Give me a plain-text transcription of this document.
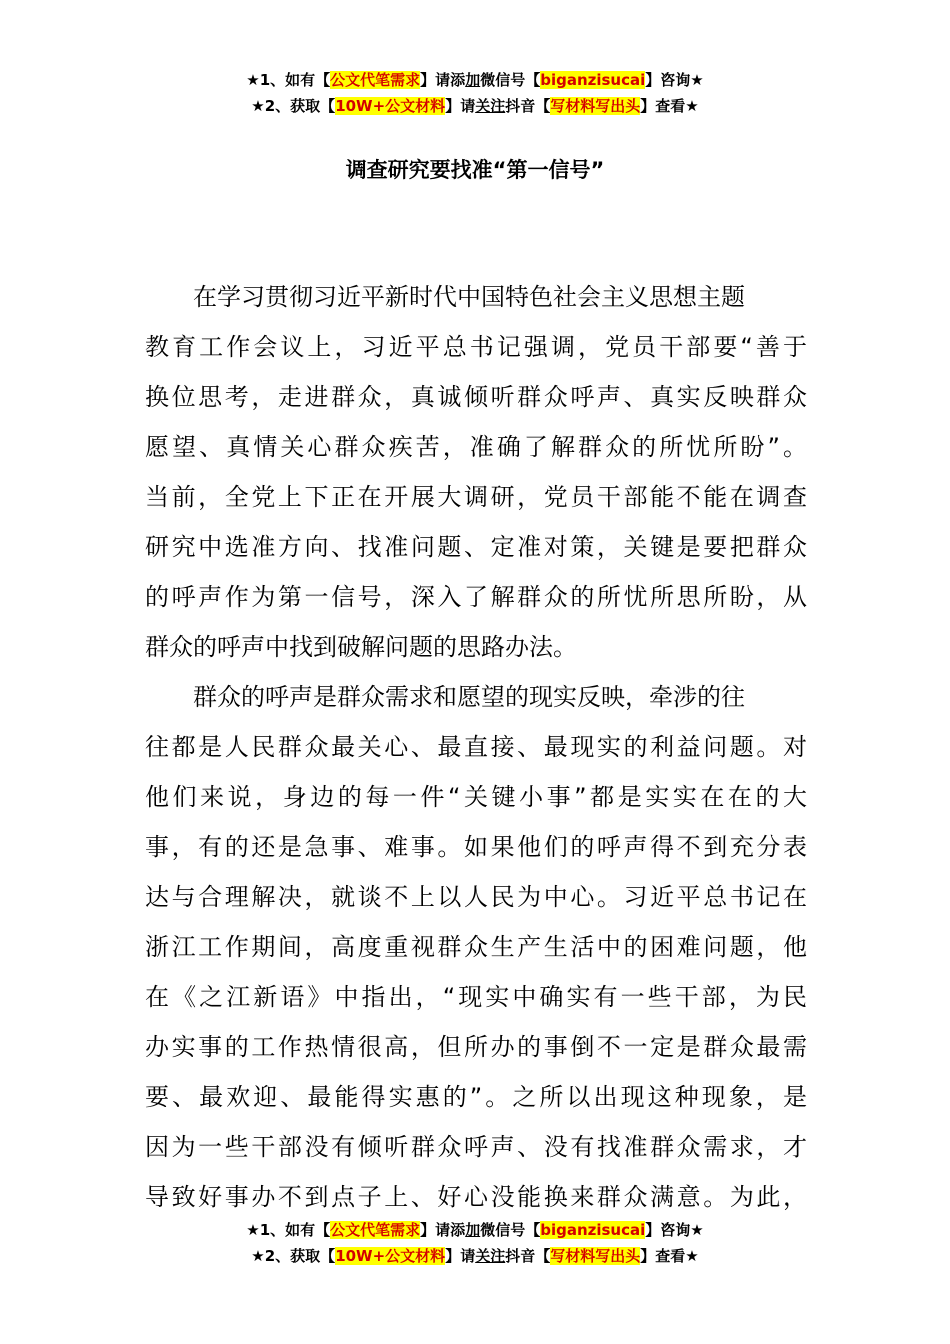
★1、如有【公文代笔需求】请添加微信号【biganzisucai】咨询★
★2、获取【10W+公文材料】请关注抖音【写材料写出头】查看★
调查研究要找准“第一信号”
在学习贯彻习近平新时代中国特色社会主义思想主题
教育工作会议上，习近平总书记强调，党员干部要“善于
换位思考，走进群众，真诚倾听群众呼声、真实反映群众
愿望、真情关心群众疾苦，准确了解群众的所忧所盼”。
当前，全党上下正在开展大调研，党员干部能不能在调查
研究中选准方向、找准问题、定准对策，关键是要把群众
的呼声作为第一信号，深入了解群众的所忧所思所盼，从
群众的呼声中找到破解问题的思路办法。
群众的呼声是群众需求和愿望的现实反映，牵涉的往
往都是人民群众最关心、最直接、最现实的利益问题。对
他们来说，身边的每一件“关键小事”都是实实在在的大
事，有的还是急事、难事。如果他们的呼声得不到充分表
达与合理解决，就谈不上以人民为中心。习近平总书记在
浙江工作期间，高度重视群众生产生活中的困难问题，他
在《之江新语》中指出，“现实中确实有一些干部，为民
办实事的工作热情很高，但所办的事倒不一定是群众最需
要、最欢迎、最能得实惠的”。之所以出现这种现象，是
因为一些干部没有倾听群众呼声、没有找准群众需求，才
导致好事办不到点子上、好心没能换来群众满意。为此，
★1、如有【公文代笔需求】请添加微信号【biganzisucai】咨询★
★2、获取【10W+公文材料】请关注抖音【写材料写出头】查看★
